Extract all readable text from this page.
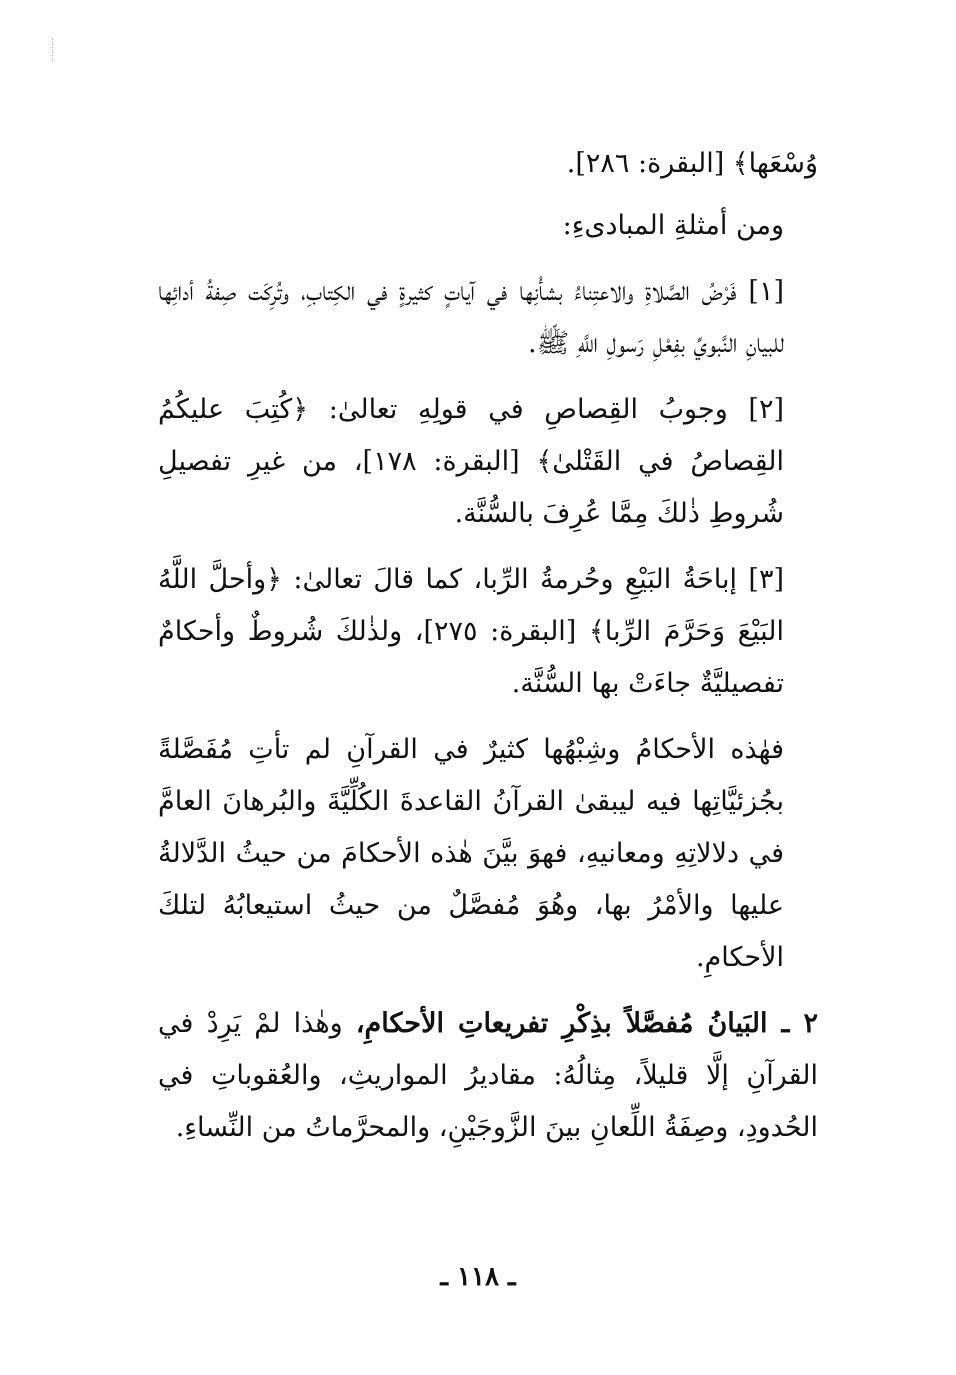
وُسْعَها﴾ [البقرة: ٢٨٦].

ومن أمثلةِ المبادىءِ:

[١] فَرْضُ الصَّلاةِ والاعتِناءُ بشأْنِها في آياتٍ كثيرةٍ في الكِتابِ، وتُرِكَت صِفةُ أدائِها للبيانِ النَّبويِّ بفِعْلِ رَسولِ اللَّهِ ﷺ.

[٢] وجوبُ القِصاصِ في قولِهِ تعالىٰ: ﴿كُتِبَ عليكُمُ القِصاصُ في القَتْلىٰ﴾ [البقرة: ١٧٨]، من غيرِ تفصيلِ شُروطِ ذٰلكَ مِمَّا عُرِفَ بالسُّنَّة.

[٣] إباحَةُ البَيْعِ وحُرمةُ الرِّبا، كما قالَ تعالىٰ: ﴿وأحلَّ اللَّهُ البَيْعَ وَحَرَّمَ الرِّبا﴾ [البقرة: ٢٧٥]، ولذٰلكَ شُروطٌ وأحكامٌ تفصيليَّةٌ جاءَتْ بها السُّنَّة.

فهٰذه الأحكامُ وشِبْهُها كثيرٌ في القرآنِ لم تأتِ مُفَصَّلةً بجُزئيَّاتِها فيه ليبقىٰ القرآنُ القاعدةَ الكُلِّيَّةَ والبُرهانَ العامَّ في دلالاتِهِ ومعانيهِ، فهوَ بيَّنَ هٰذه الأحكامَ من حيثُ الدَّلالةُ عليها والأمْرُ بها، وهُوَ مُفصَّلٌ من حيثُ استيعابُهُ لتلكَ الأحكامِ.

٢ ـ البَيانُ مُفصَّلاً بذِكْرِ تفريعاتِ الأحكامِ، وهٰذا لمْ يَرِدْ في القرآنِ إلَّا قليلاً، مِثالُهُ: مقاديرُ المواريثِ، والعُقوباتِ في الحُدودِ، وصِفَةُ اللِّعانِ بينَ الزَّوجَيْنِ، والمحرَّماتُ من النِّساءِ.

ـ ١١٨ ـ
